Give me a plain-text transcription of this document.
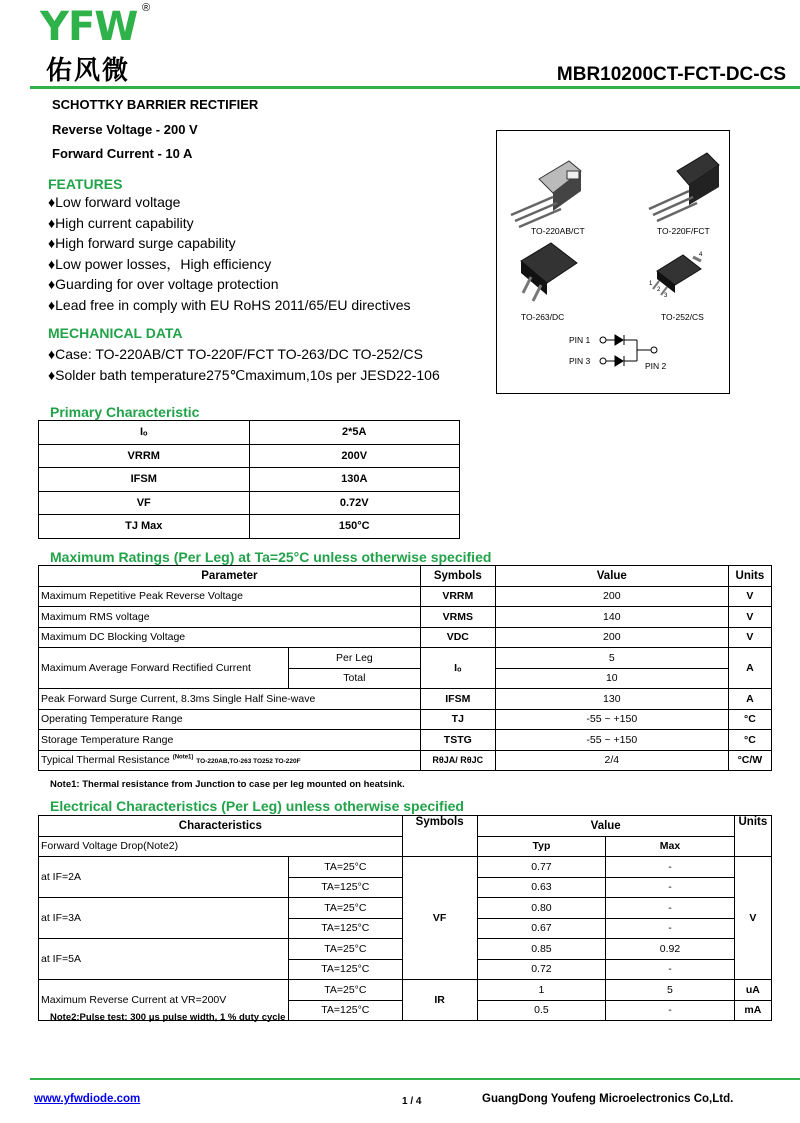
YFW ®
佑风微	MBR10200CT-FCT-DC-CS
SCHOTTKY BARRIER RECTIFIER
Reverse Voltage - 200 V
Forward Current - 10 A
FEATURES
♦Low forward voltage
♦High current capability
♦High forward surge capability
♦Low power losses，High efficiency
♦Guarding for over voltage protection
♦Lead free in comply with EU RoHS 2011/65/EU directives
MECHANICAL DATA
♦Case: TO-220AB/CT TO-220F/FCT TO-263/DC TO-252/CS
♦Solder bath temperature275℃maximum,10s per JESD22-106
TO-220AB/CT	TO-220F/FCT
TO-263/DC	TO-252/CS
4
1
2
3
PIN 1
PIN 3	PIN 2
Primary Characteristic
Iₒ	2*5A
VRRM	200V
IFSM	130A
VF	0.72V
TJ Max	150°C
Maximum Ratings (Per Leg) at Ta=25°C unless otherwise specified
Parameter		Symbols	Value	Units
Maximum Repetitive Peak Reverse Voltage		VRRM	200	V
Maximum RMS voltage		VRMS	140	V
Maximum DC Blocking Voltage		VDC	200	V
Maximum Average Forward Rectified Current	Per Leg	Iₒ	5	A
	Total		10	
Peak Forward Surge Current, 8.3ms Single Half Sine-wave		IFSM	130	A
Operating Temperature Range		TJ	-55 ~ +150	°C
Storage Temperature Range		TSTG	-55 ~ +150	°C
Typical Thermal Resistance $^{(Note1)}$ TO-220AB,TO-263 TO252 TO-220F		RθJA/ RθJC	2/4	°C/W
Note1: Thermal resistance from Junction to case per leg mounted on heatsink.
Electrical Characteristics (Per Leg) unless otherwise specified
Characteristics		Symbols	Value		Units
Forward Voltage Drop(Note2)			Typ	Max	
at IF=2A	TA=25°C	VF	0.77	-	V
	TA=125°C		0.63	-	
at IF=3A	TA=25°C		0.80	-	
	TA=125°C		0.67	-	
at IF=5A	TA=25°C		0.85	0.92	
	TA=125°C		0.72	-	
Maximum Reverse Current at VR=200V	TA=25°C	IR	1	5	uA
	TA=125°C		0.5	-	mA
Note2:Pulse test: 300 μs pulse width, 1 % duty cycle
www.yfwdiode.com	1 / 4	GuangDong Youfeng Microelectronics Co,Ltd.
